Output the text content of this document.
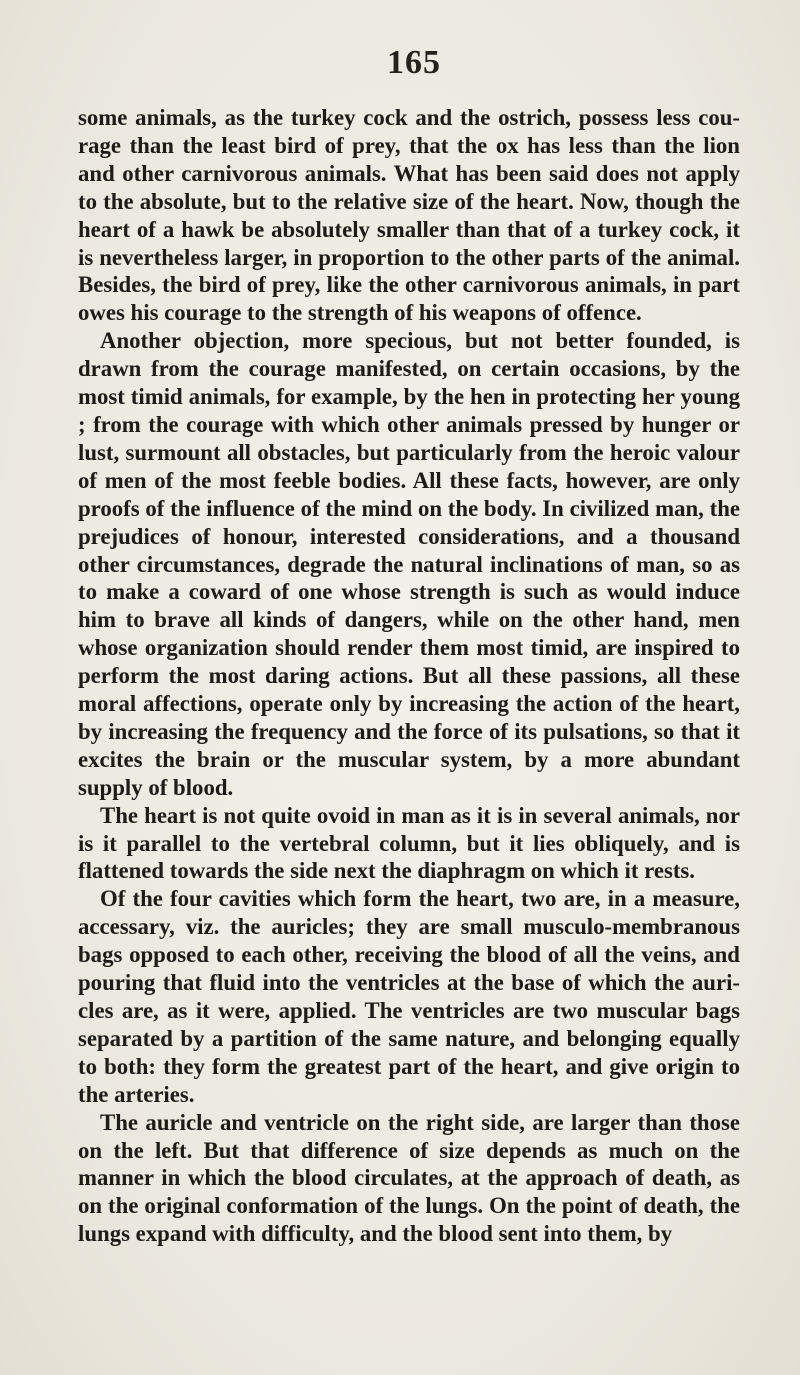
165

some animals, as the turkey cock and the ostrich, possess less courage than the least bird of prey, that the ox has less than the lion and other carnivorous animals. What has been said does not apply to the absolute, but to the relative size of the heart. Now, though the heart of a hawk be absolutely smaller than that of a turkey cock, it is nevertheless larger, in proportion to the other parts of the animal. Besides, the bird of prey, like the other carnivorous animals, in part owes his courage to the strength of his weapons of offence.

Another objection, more specious, but not better founded, is drawn from the courage manifested, on certain occasions, by the most timid animals, for example, by the hen in protecting her young ; from the courage with which other animals pressed by hunger or lust, surmount all obstacles, but particularly from the heroic valour of men of the most feeble bodies. All these facts, however, are only proofs of the influence of the mind on the body. In civilized man, the prejudices of honour, interested considerations, and a thousand other circumstances, degrade the natural inclinations of man, so as to make a coward of one whose strength is such as would induce him to brave all kinds of dangers, while on the other hand, men whose organization should render them most timid, are inspired to perform the most daring actions. But all these passions, all these moral affections, operate only by increasing the action of the heart, by increasing the frequency and the force of its pulsations, so that it excites the brain or the muscular system, by a more abundant supply of blood.

The heart is not quite ovoid in man as it is in several animals, nor is it parallel to the vertebral column, but it lies obliquely, and is flattened towards the side next the diaphragm on which it rests.

Of the four cavities which form the heart, two are, in a measure, accessary, viz. the auricles; they are small musculo-membranous bags opposed to each other, receiving the blood of all the veins, and pouring that fluid into the ventricles at the base of which the auricles are, as it were, applied. The ventricles are two muscular bags separated by a partition of the same nature, and belonging equally to both: they form the greatest part of the heart, and give origin to the arteries.

The auricle and ventricle on the right side, are larger than those on the left. But that difference of size depends as much on the manner in which the blood circulates, at the approach of death, as on the original conformation of the lungs. On the point of death, the lungs expand with difficulty, and the blood sent into them, by
